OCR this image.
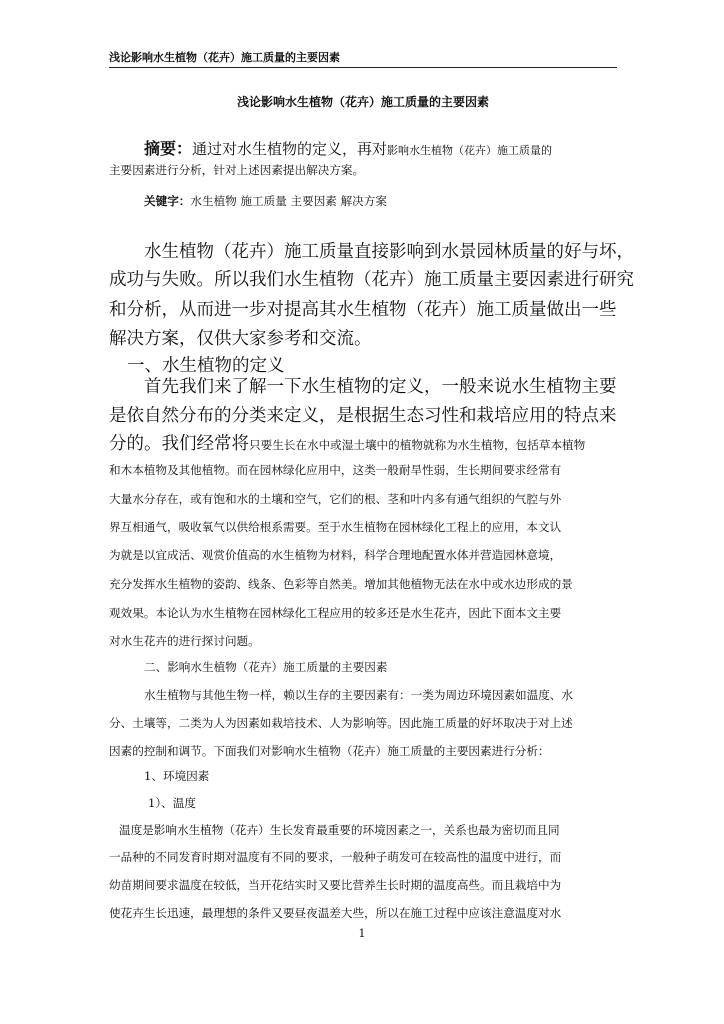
浅论影响水生植物（花卉）施工质量的主要因素
浅论影响水生植物（花卉）施工质量的主要因素
摘要：通过对水生植物的定义，再对影响水生植物（花卉）施工质量的
主要因素进行分析，针对上述因素提出解决方案。
关键字：水生植物 施工质量 主要因素 解决方案
水生植物（花卉）施工质量直接影响到水景园林质量的好与坏，
成功与失败。所以我们水生植物（花卉）施工质量主要因素进行研究
和分析，从而进一步对提高其水生植物（花卉）施工质量做出一些
解决方案，仅供大家参考和交流。
一、水生植物的定义
首先我们来了解一下水生植物的定义，一般来说水生植物主要
是依自然分布的分类来定义，是根据生态习性和栽培应用的特点来
分的。我们经常将只要生长在水中或湿土壤中的植物就称为水生植物，包括草本植物
和木本植物及其他植物。而在园林绿化应用中，这类一般耐旱性弱，生长期间要求经常有
大量水分存在，或有饱和水的土壤和空气，它们的根、茎和叶内多有通气组织的气腔与外
界互相通气，吸收氧气以供给根系需要。至于水生植物在园林绿化工程上的应用，本文认
为就是以宜成活、观赏价值高的水生植物为材料，科学合理地配置水体并营造园林意境，
充分发挥水生植物的姿韵、线条、色彩等自然美。增加其他植物无法在水中或水边形成的景
观效果。本论认为水生植物在园林绿化工程应用的较多还是水生花卉，因此下面本文主要
对水生花卉的进行探讨问题。
二、影响水生植物（花卉）施工质量的主要因素
水生植物与其他生物一样，赖以生存的主要因素有：一类为周边环境因素如温度、水
分、土壤等，二类为人为因素如栽培技术、人为影响等。因此施工质量的好坏取决于对上述
因素的控制和调节。下面我们对影响水生植物（花卉）施工质量的主要因素进行分析：
1、环境因素
1）、温度
温度是影响水生植物（花卉）生长发育最重要的环境因素之一，关系也最为密切而且同
一品种的不同发育时期对温度有不同的要求，一般种子萌发可在较高性的温度中进行，而
幼苗期间要求温度在较低，当开花结实时又要比营养生长时期的温度高些。而且栽培中为
使花卉生长迅速，最理想的条件又要昼夜温差大些，所以在施工过程中应该注意温度对水
1
